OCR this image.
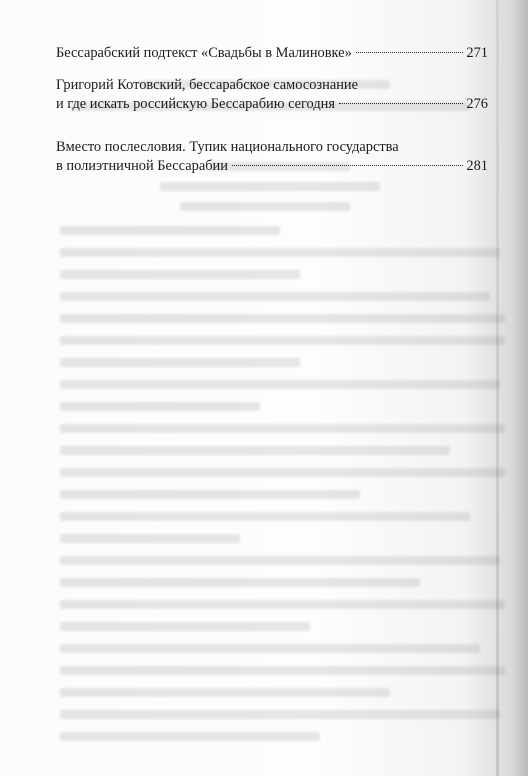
Бессарабский подтекст «Свадьбы в Малиновке»	271
Григорий Котовский, бессарабское самосознание
и где искать российскую Бессарабию сегодня	276
Вместо послесловия. Тупик национального государства
в полиэтничной Бессарабии	281
